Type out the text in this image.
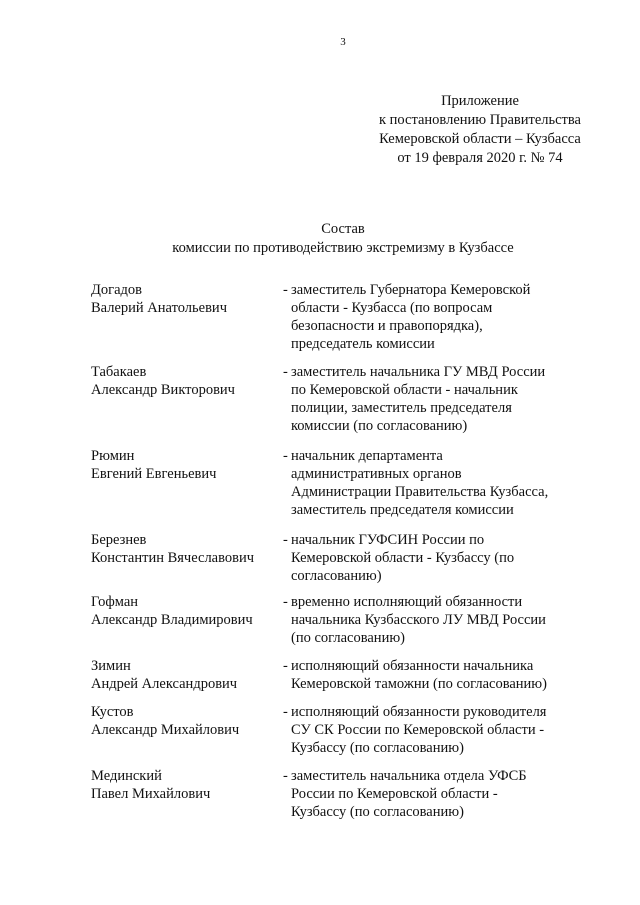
3
Приложение
к постановлению Правительства
Кемеровской области – Кузбасса
от 19 февраля 2020 г. № 74
Состав
комиссии по противодействию экстремизму в Кузбассе
Догадов
Валерий Анатольевич
- заместитель Губернатора Кемеровской
области - Кузбасса (по вопросам
безопасности и правопорядка),
председатель комиссии
Табакаев
Александр Викторович
- заместитель начальника ГУ МВД России
по Кемеровской области - начальник
полиции, заместитель председателя
комиссии (по согласованию)
Рюмин
Евгений Евгеньевич
- начальник департамента
административных органов
Администрации Правительства Кузбасса,
заместитель председателя комиссии
Березнев
Константин Вячеславович
- начальник ГУФСИН России по
Кемеровской области - Кузбассу (по
согласованию)
Гофман
Александр Владимирович
- временно исполняющий обязанности
начальника Кузбасского ЛУ МВД России
(по согласованию)
Зимин
Андрей Александрович
- исполняющий обязанности начальника
Кемеровской таможни (по согласованию)
Кустов
Александр Михайлович
- исполняющий обязанности руководителя
СУ СК России по Кемеровской области -
Кузбассу (по согласованию)
Мединский
Павел Михайлович
- заместитель начальника отдела УФСБ
России по Кемеровской области -
Кузбассу (по согласованию)
